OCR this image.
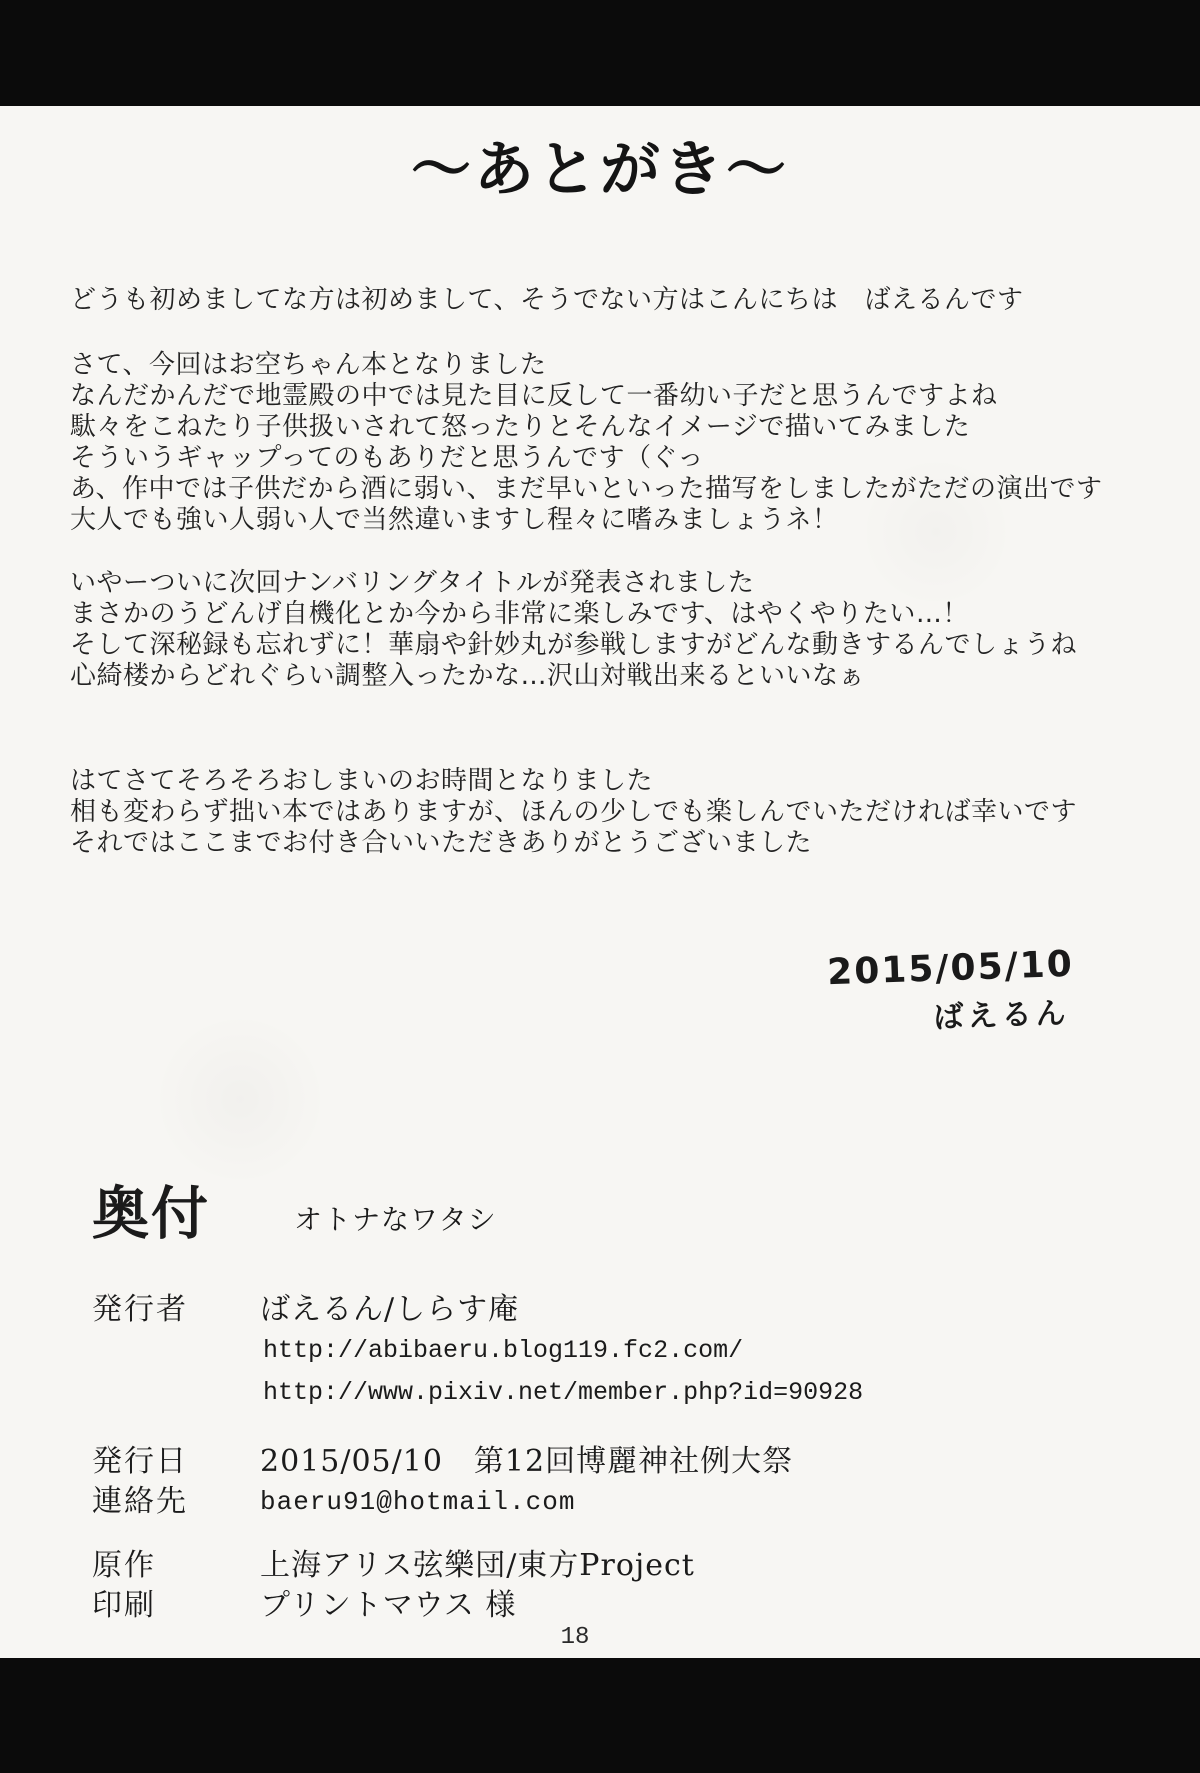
〜あとがき〜
どうも初めましてな方は初めまして、そうでない方はこんにちは　ばえるんです
さて、今回はお空ちゃん本となりました
なんだかんだで地霊殿の中では見た目に反して一番幼い子だと思うんですよね
駄々をこねたり子供扱いされて怒ったりとそんなイメージで描いてみました
そういうギャップってのもありだと思うんです（ぐっ
あ、作中では子供だから酒に弱い、まだ早いといった描写をしましたがただの演出です
大人でも強い人弱い人で当然違いますし程々に嗜みましょうネ！
いやーついに次回ナンバリングタイトルが発表されました
まさかのうどんげ自機化とか今から非常に楽しみです、はやくやりたい…！
そして深秘録も忘れずに！華扇や針妙丸が参戦しますがどんな動きするんでしょうね
心綺楼からどれぐらい調整入ったかな…沢山対戦出来るといいなぁ
はてさてそろそろおしまいのお時間となりました
相も変わらず拙い本ではありますが、ほんの少しでも楽しんでいただければ幸いです
それではここまでお付き合いいただきありがとうございました
2015/05/10
ばえるん
奥付	オトナなワタシ
発行者	ばえるん/しらす庵
http://abibaeru.blog119.fc2.com/
http://www.pixiv.net/member.php?id=90928
発行日	2015/05/10　第12回博麗神社例大祭
連絡先	baeru91@hotmail.com
原作	上海アリス弦樂団/東方Project
印刷	プリントマウス 様
18
